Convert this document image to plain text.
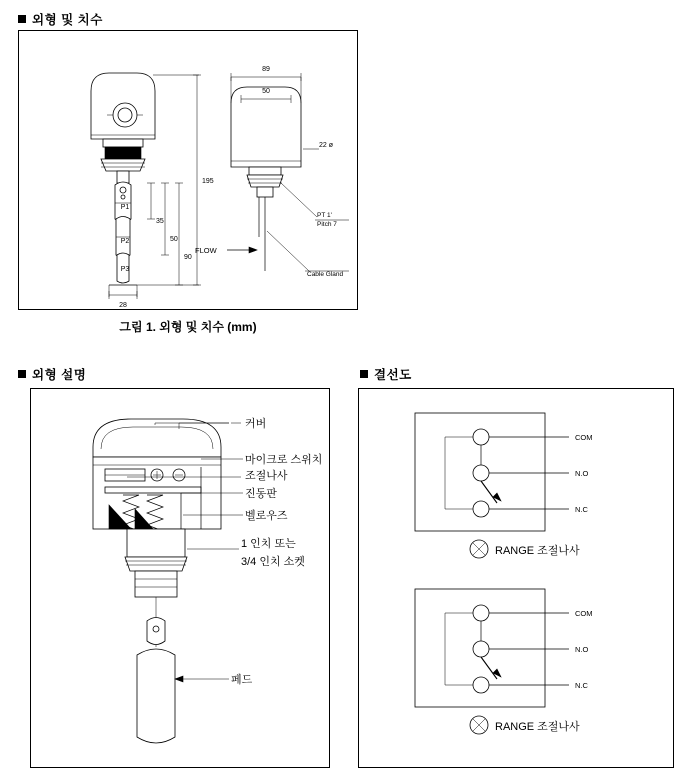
외형 및 치수
P1
P2
P3
195
90
50
35
28
FLOW
89
50
22 ø
PT 1'
Pitch 7
Cable Gland
그림 1. 외형 및 치수 (mm)
외형 설명
커버
마이크로 스위치
조절나사
진동판
벨로우즈
1 인치 또는
3/4 인치 소켓
페드
결선도
COM
N.O
N.C
RANGE 조절나사
COM
N.O
N.C
RANGE 조절나사
